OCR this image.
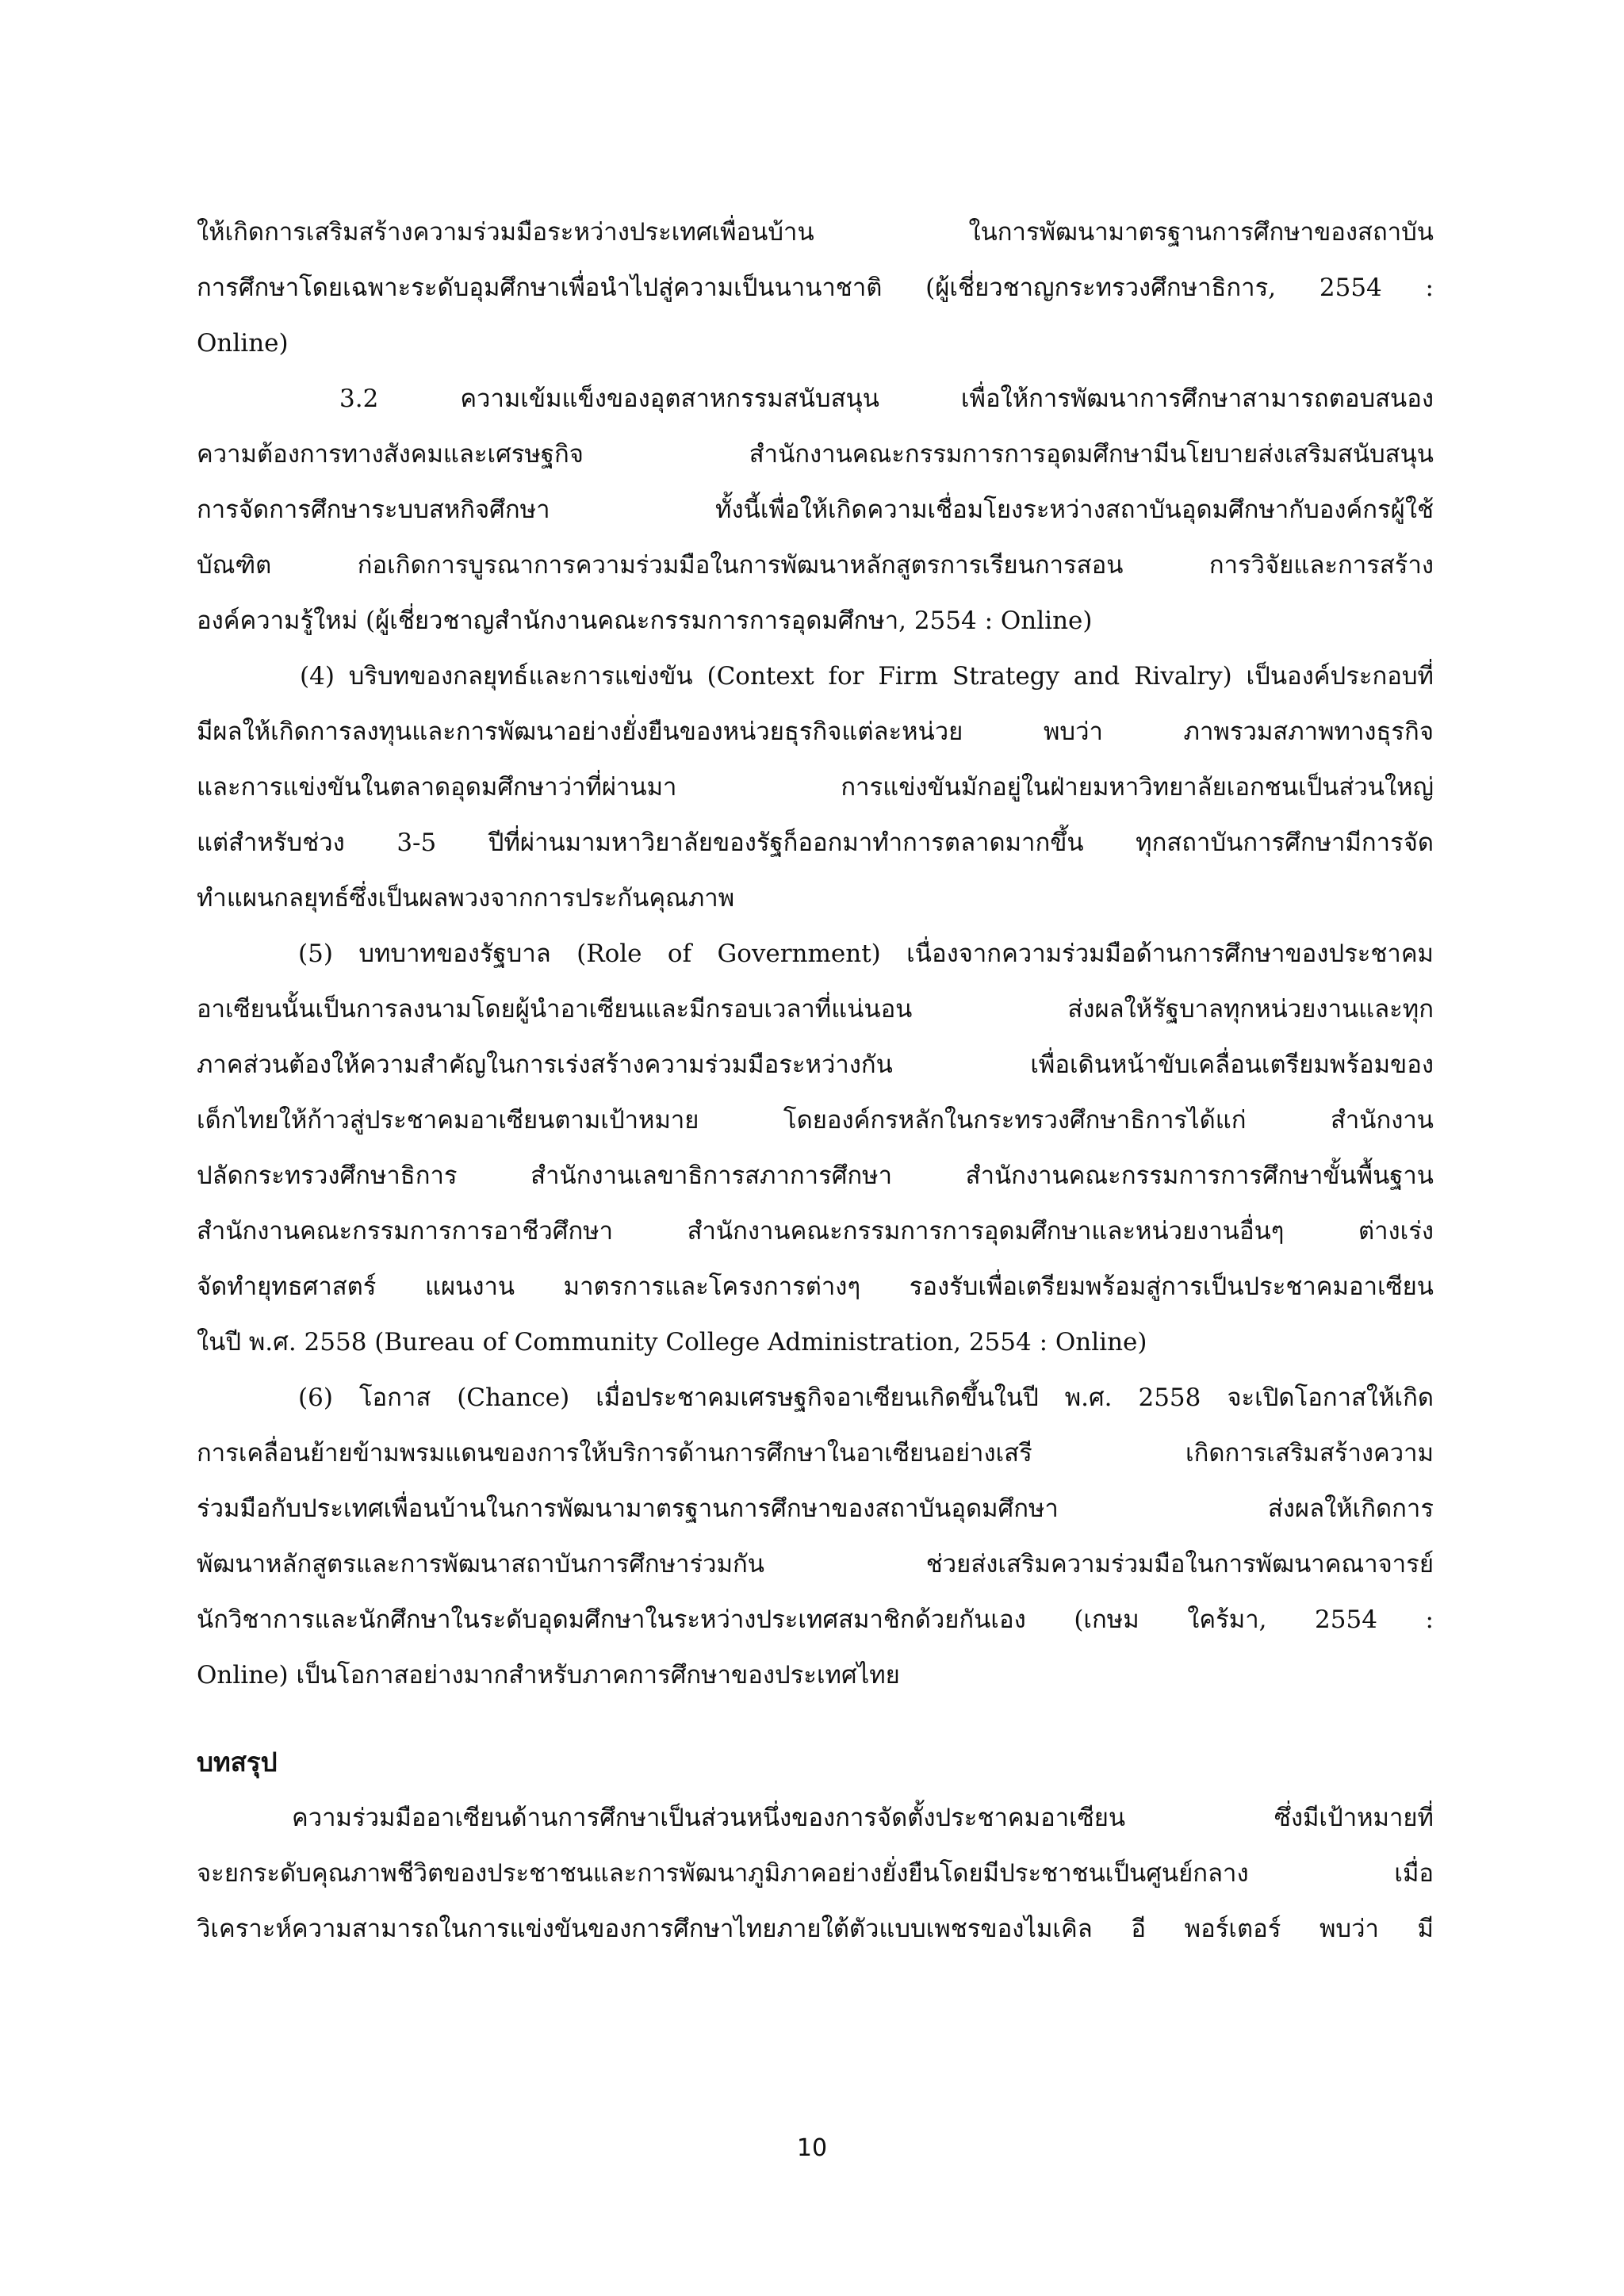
ให้เกิดการเสริมสร้างความร่วมมือระหว่างประเทศเพื่อนบ้าน ในการพัฒนามาตรฐานการศึกษาของสถาบัน
การศึกษาโดยเฉพาะระดับอุมศึกษาเพื่อนำไปสู่ความเป็นนานาชาติ (ผู้เชี่ยวชาญกระทรวงศึกษาธิการ, 2554 :
Online)
3.2 ความเข้มแข็งของอุตสาหกรรมสนับสนุน เพื่อให้การพัฒนาการศึกษาสามารถตอบสนอง
ความต้องการทางสังคมและเศรษฐกิจ สำนักงานคณะกรรมการการอุดมศึกษามีนโยบายส่งเสริมสนับสนุน
การจัดการศึกษาระบบสหกิจศึกษา ทั้งนี้เพื่อให้เกิดความเชื่อมโยงระหว่างสถาบันอุดมศึกษากับองค์กรผู้ใช้
บัณฑิต ก่อเกิดการบูรณาการความร่วมมือในการพัฒนาหลักสูตรการเรียนการสอน การวิจัยและการสร้าง
องค์ความรู้ใหม่ (ผู้เชี่ยวชาญสำนักงานคณะกรรมการการอุดมศึกษา, 2554 : Online)
(4) บริบทของกลยุทธ์และการแข่งขัน (Context for Firm Strategy and Rivalry) เป็นองค์ประกอบที่
มีผลให้เกิดการลงทุนและการพัฒนาอย่างยั่งยืนของหน่วยธุรกิจแต่ละหน่วย พบว่า ภาพรวมสภาพทางธุรกิจ
และการแข่งขันในตลาดอุดมศึกษาว่าที่ผ่านมา การแข่งขันมักอยู่ในฝ่ายมหาวิทยาลัยเอกชนเป็นส่วนใหญ่
แต่สำหรับช่วง 3-5 ปีที่ผ่านมามหาวิยาลัยของรัฐก็ออกมาทำการตลาดมากขึ้น ทุกสถาบันการศึกษามีการจัด
ทำแผนกลยุทธ์ซึ่งเป็นผลพวงจากการประกันคุณภาพ
(5) บทบาทของรัฐบาล (Role of Government) เนื่องจากความร่วมมือด้านการศึกษาของประชาคม
อาเซียนนั้นเป็นการลงนามโดยผู้นำอาเซียนและมีกรอบเวลาที่แน่นอน ส่งผลให้รัฐบาลทุกหน่วยงานและทุก
ภาคส่วนต้องให้ความสำคัญในการเร่งสร้างความร่วมมือระหว่างกัน เพื่อเดินหน้าขับเคลื่อนเตรียมพร้อมของ
เด็กไทยให้ก้าวสู่ประชาคมอาเซียนตามเป้าหมาย โดยองค์กรหลักในกระทรวงศึกษาธิการได้แก่ สำนักงาน
ปลัดกระทรวงศึกษาธิการ สำนักงานเลขาธิการสภาการศึกษา สำนักงานคณะกรรมการการศึกษาขั้นพื้นฐาน
สำนักงานคณะกรรมการการอาชีวศึกษา สำนักงานคณะกรรมการการอุดมศึกษาและหน่วยงานอื่นๆ ต่างเร่ง
จัดทำยุทธศาสตร์ แผนงาน มาตรการและโครงการต่างๆ รองรับเพื่อเตรียมพร้อมสู่การเป็นประชาคมอาเซียน
ในปี พ.ศ. 2558 (Bureau of Community College Administration, 2554 : Online)
(6) โอกาส (Chance) เมื่อประชาคมเศรษฐกิจอาเซียนเกิดขึ้นในปี พ.ศ. 2558 จะเปิดโอกาสให้เกิด
การเคลื่อนย้ายข้ามพรมแดนของการให้บริการด้านการศึกษาในอาเซียนอย่างเสรี เกิดการเสริมสร้างความ
ร่วมมือกับประเทศเพื่อนบ้านในการพัฒนามาตรฐานการศึกษาของสถาบันอุดมศึกษา ส่งผลให้เกิดการ
พัฒนาหลักสูตรและการพัฒนาสถาบันการศึกษาร่วมกัน ช่วยส่งเสริมความร่วมมือในการพัฒนาคณาจารย์
นักวิชาการและนักศึกษาในระดับอุดมศึกษาในระหว่างประเทศสมาชิกด้วยกันเอง (เกษม ใคร้มา, 2554 :
Online) เป็นโอกาสอย่างมากสำหรับภาคการศึกษาของประเทศไทย
บทสรุป
ความร่วมมืออาเซียนด้านการศึกษาเป็นส่วนหนึ่งของการจัดตั้งประชาคมอาเซียน ซึ่งมีเป้าหมายที่
จะยกระดับคุณภาพชีวิตของประชาชนและการพัฒนาภูมิภาคอย่างยั่งยืนโดยมีประชาชนเป็นศูนย์กลาง เมื่อ
วิเคราะห์ความสามารถในการแข่งขันของการศึกษาไทยภายใต้ตัวแบบเพชรของไมเคิล อี พอร์เตอร์ พบว่า มี
10
